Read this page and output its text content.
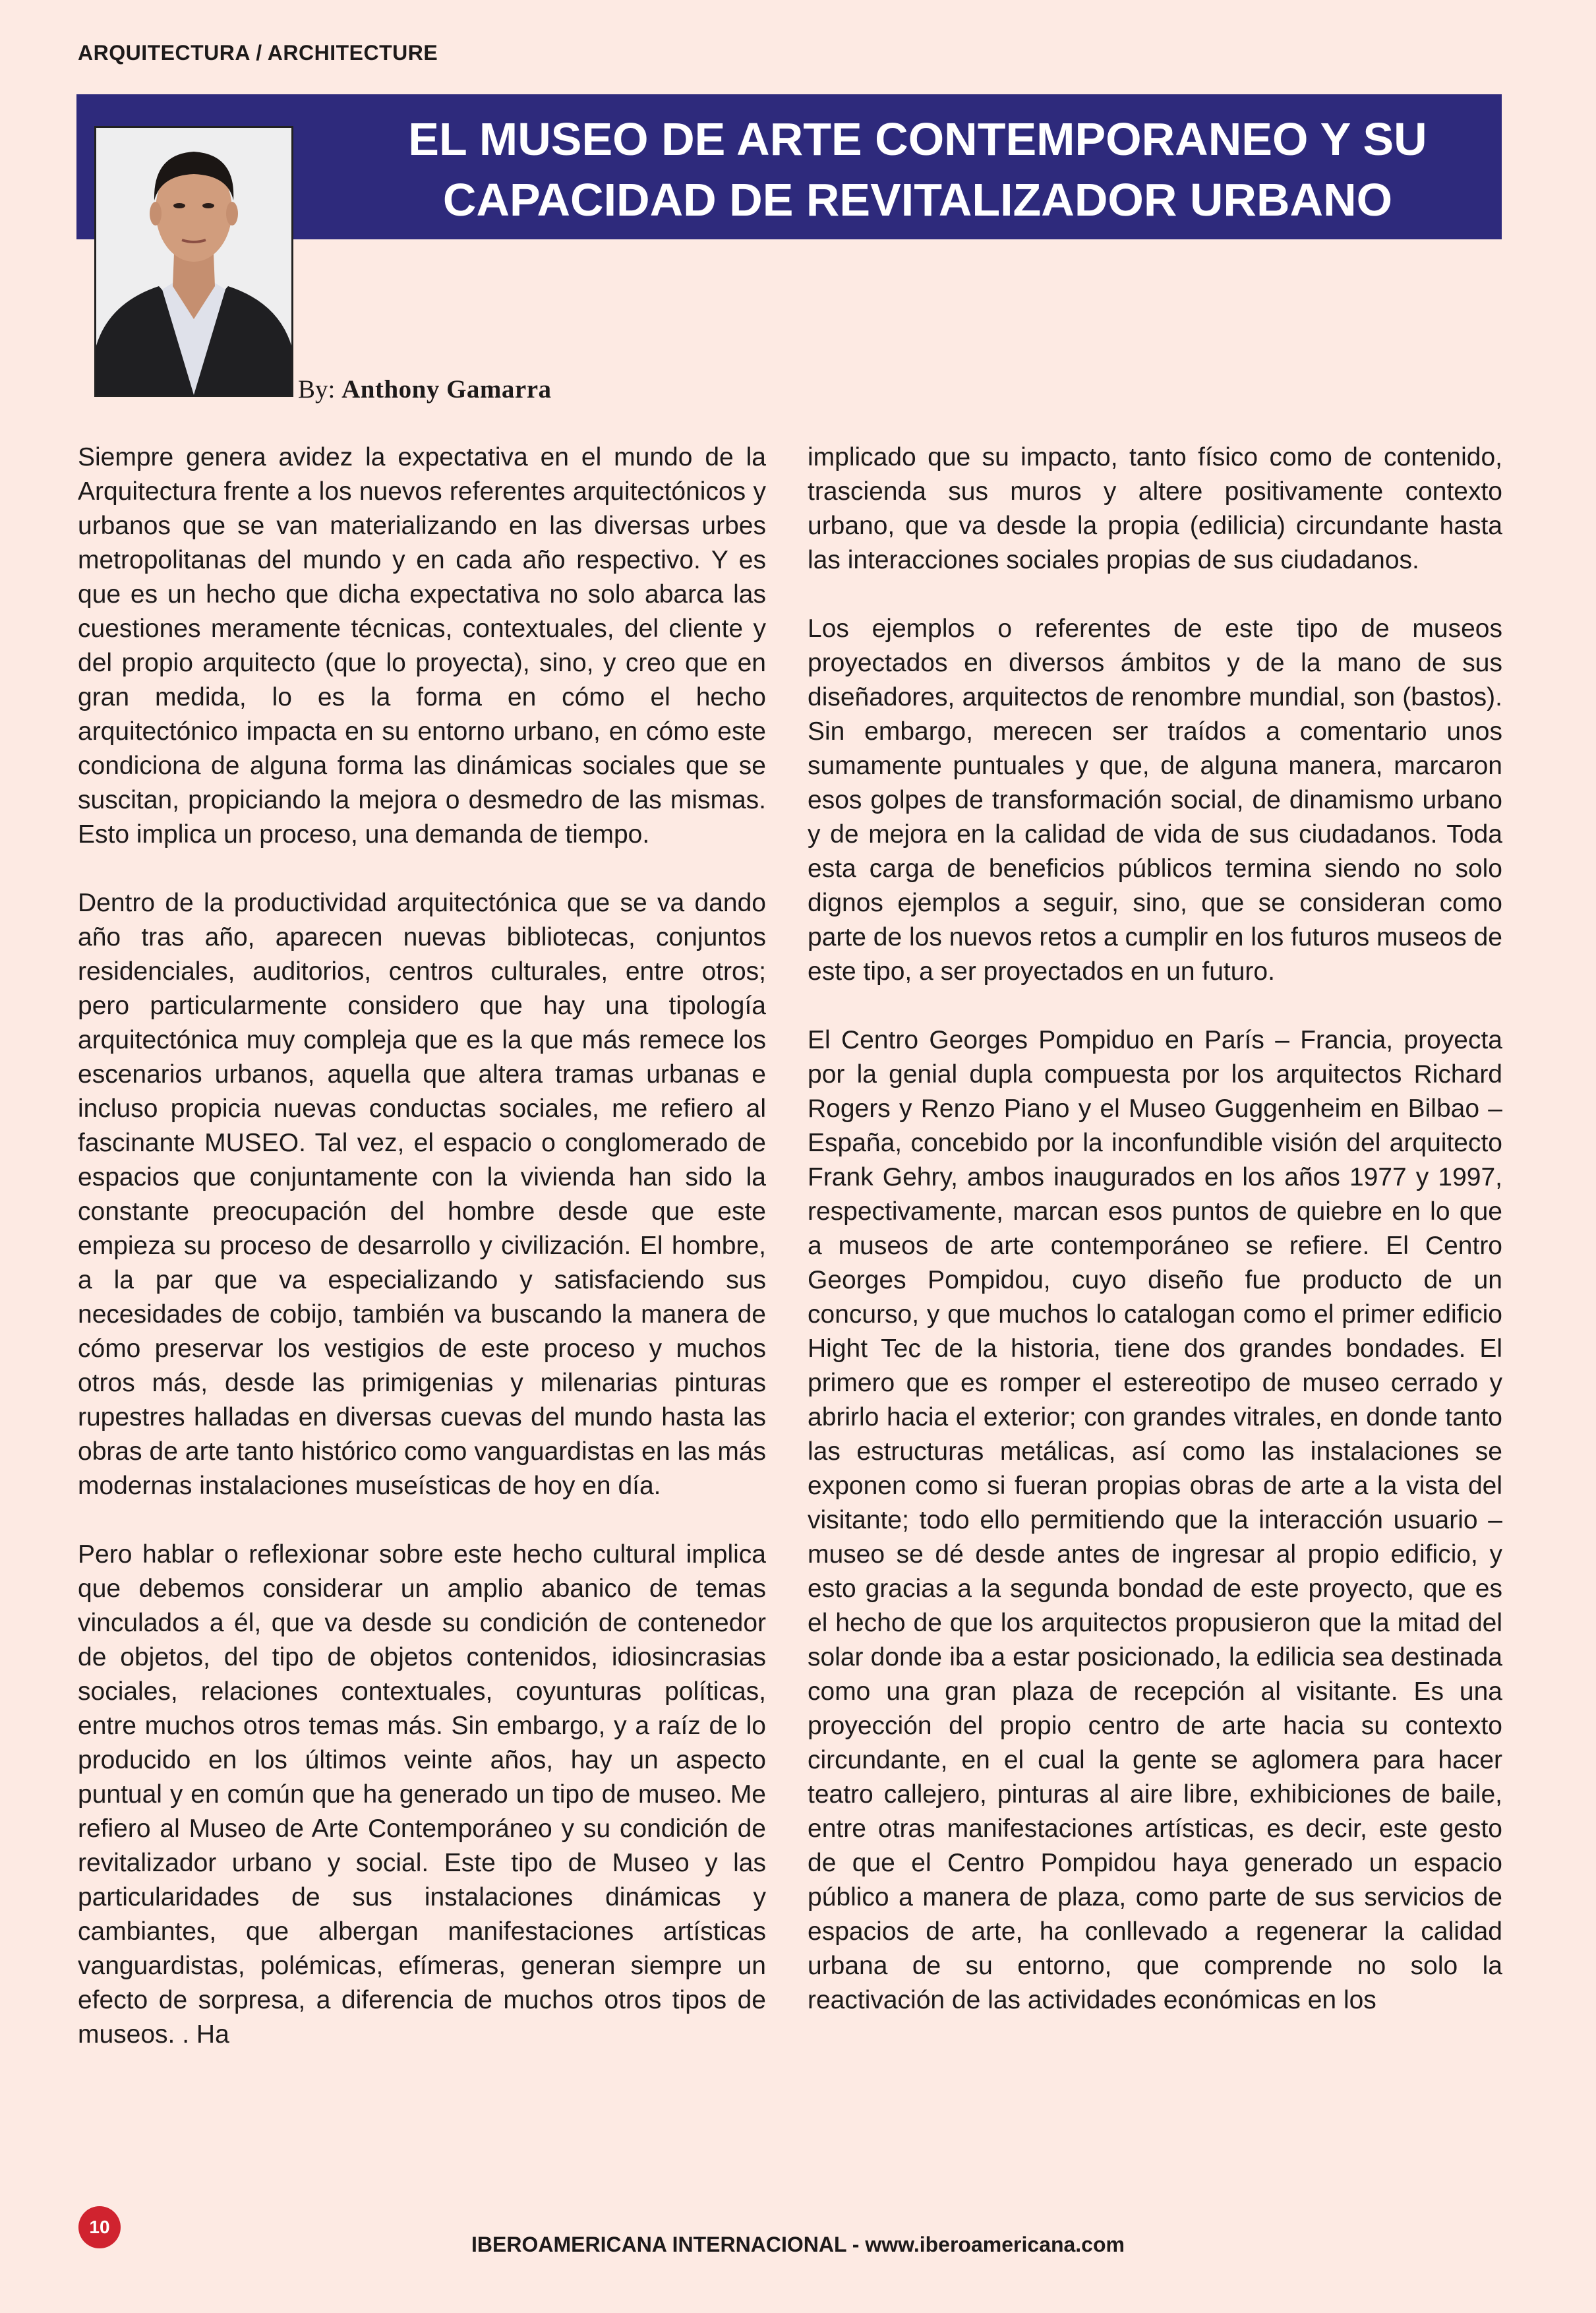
ARQUITECTURA / ARCHITECTURE
EL MUSEO DE ARTE CONTEMPORANEO Y SU
CAPACIDAD DE REVITALIZADOR URBANO
By: Anthony Gamarra

Siempre genera avidez la expectativa en el mundo de la Arquitectura frente a los nuevos referentes arquitectónicos y urbanos que se van materializando en las diversas urbes metropolitanas del mundo y en cada año respectivo. Y es que es un hecho que dicha expectativa no solo abarca las cuestiones meramente técnicas, contextuales, del cliente y del propio arquitecto (que lo proyecta), sino, y creo que en gran medida, lo es la forma en cómo el hecho arquitectónico impacta en su entorno urbano, en cómo este condiciona de alguna forma las dinámicas sociales que se suscitan, propiciando la mejora o desmedro de las mismas. Esto implica un proceso, una demanda de tiempo.

Dentro de la productividad arquitectónica que se va dando año tras año, aparecen nuevas bibliotecas, conjuntos residenciales, auditorios, centros culturales, entre otros; pero particularmente considero que hay una tipología arquitectónica muy compleja que es la que más remece los escenarios urbanos, aquella que altera tramas urbanas e incluso propicia nuevas conductas sociales, me refiero al fascinante MUSEO. Tal vez, el espacio o conglomerado de espacios que conjuntamente con la vivienda han sido la constante preocupación del hombre desde que este empieza su proceso de desarrollo y civilización. El hombre, a la par que va especializando y satisfaciendo sus necesidades de cobijo, también va buscando la manera de cómo preservar los vestigios de este proceso y muchos otros más, desde las primigenias y milenarias pinturas rupestres halladas en diversas cuevas del mundo hasta las obras de arte tanto histórico como vanguardistas en las más modernas instalaciones museísticas de hoy en día.

Pero hablar o reflexionar sobre este hecho cultural implica que debemos considerar un amplio abanico de temas vinculados a él, que va desde su condición de contenedor de objetos, del tipo de objetos contenidos, idiosincrasias sociales, relaciones contextuales, coyunturas políticas, entre muchos otros temas más. Sin embargo, y a raíz de lo producido en los últimos veinte años, hay un aspecto puntual y en común que ha generado un tipo de museo. Me refiero al Museo de Arte Contemporáneo y su condición de revitalizador urbano y social. Este tipo de Museo y las particularidades de sus instalaciones dinámicas y cambiantes, que albergan manifestaciones artísticas vanguardistas, polémicas, efímeras, generan siempre un efecto de sorpresa, a diferencia de muchos otros tipos de museos. . Ha

implicado que su impacto, tanto físico como de contenido, trascienda sus muros y altere positivamente contexto urbano, que va desde la propia (edilicia) circundante hasta las interacciones sociales propias de sus ciudadanos.

Los ejemplos o referentes de este tipo de museos proyectados en diversos ámbitos y de la mano de sus diseñadores, arquitectos de renombre mundial, son (bastos). Sin embargo, merecen ser traídos a comentario unos sumamente puntuales y que, de alguna manera, marcaron esos golpes de transformación social, de dinamismo urbano y de mejora en la calidad de vida de sus ciudadanos. Toda esta carga de beneficios públicos termina siendo no solo dignos ejemplos a seguir, sino, que se consideran como parte de los nuevos retos a cumplir en los futuros museos de este tipo, a ser proyectados en un futuro.

El Centro Georges Pompiduo en París – Francia, proyecta por la genial dupla compuesta por los arquitectos Richard Rogers y Renzo Piano y el Museo Guggenheim en Bilbao – España, concebido por la inconfundible visión del arquitecto Frank Gehry, ambos inaugurados en los años 1977 y 1997, respectivamente, marcan esos puntos de quiebre en lo que a museos de arte contemporáneo se refiere. El Centro Georges Pompidou, cuyo diseño fue producto de un concurso, y que muchos lo catalogan como el primer edificio Hight Tec de la historia, tiene dos grandes bondades. El primero que es romper el estereotipo de museo cerrado y abrirlo hacia el exterior; con grandes vitrales, en donde tanto las estructuras metálicas, así como las instalaciones se exponen como si fueran propias obras de arte a la vista del visitante; todo ello permitiendo que la interacción usuario – museo se dé desde antes de ingresar al propio edificio, y esto gracias a la segunda bondad de este proyecto, que es el hecho de que los arquitectos propusieron que la mitad del solar donde iba a estar posicionado, la edilicia sea destinada como una gran plaza de recepción al visitante. Es una proyección del propio centro de arte hacia su contexto circundante, en el cual la gente se aglomera para hacer teatro callejero, pinturas al aire libre, exhibiciones de baile, entre otras manifestaciones artísticas, es decir, este gesto de que el Centro Pompidou haya generado un espacio público a manera de plaza, como parte de sus servicios de espacios de arte, ha conllevado a regenerar la calidad urbana de su entorno, que comprende no solo la reactivación de las actividades económicas en los

10
IBEROAMERICANA INTERNACIONAL - www.iberoamericana.com
